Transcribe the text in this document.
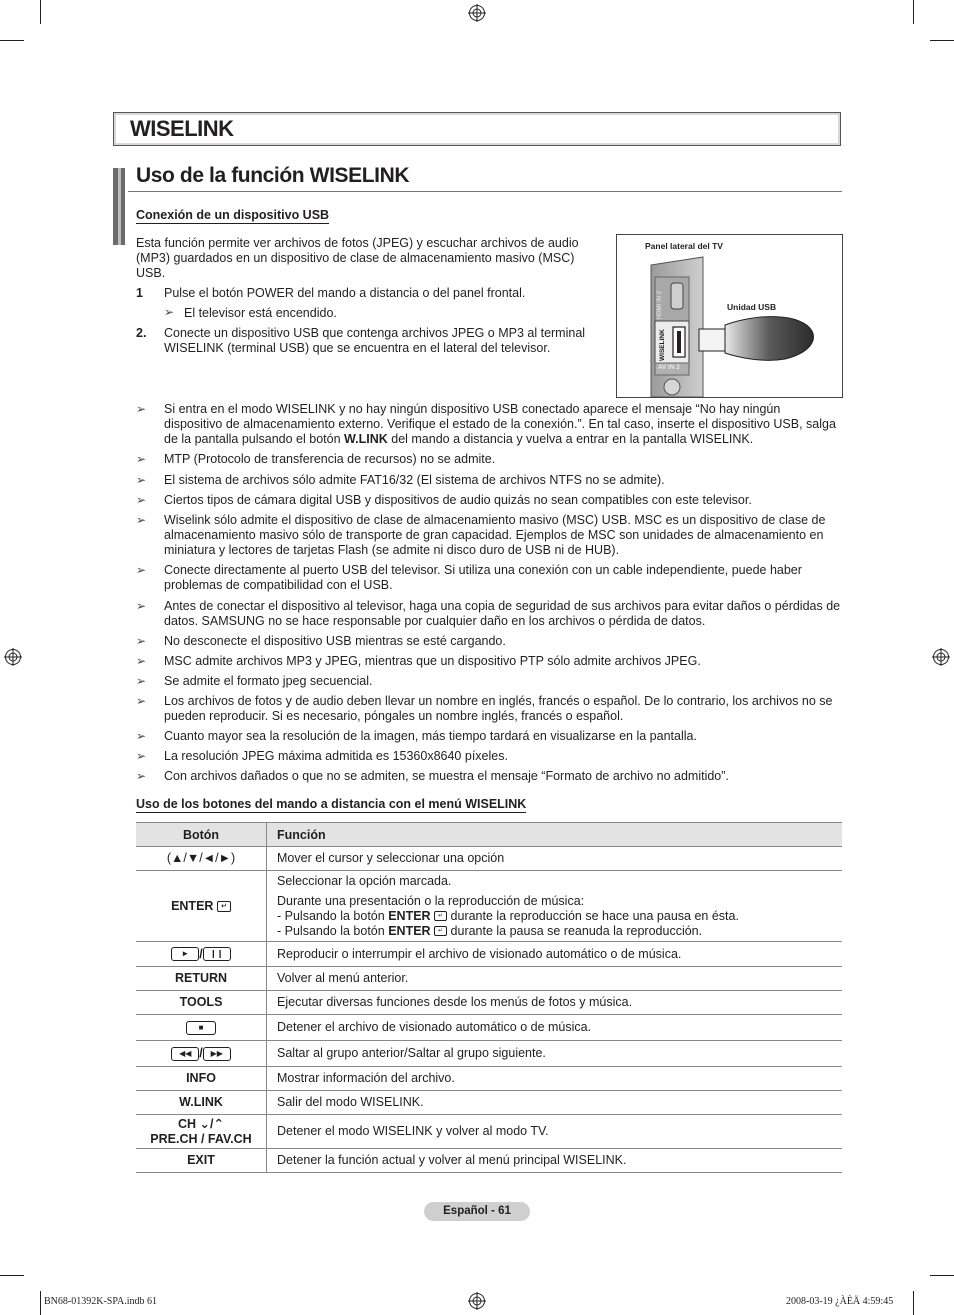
WISELINK
Uso de la función WISELINK
Conexión de un dispositivo USB
Esta función permite ver archivos de fotos (JPEG) y escuchar archivos de audio (MP3) guardados en un dispositivo de clase de almacenamiento masivo (MSC) USB.
1 Pulse el botón POWER del mando a distancia o del panel frontal.
➢ El televisor está encendido.
2. Conecte un dispositivo USB que contenga archivos JPEG o MP3 al terminal WISELINK (terminal USB) que se encuentra en el lateral del televisor.
Panel lateral del TV
Unidad USB
HDMI IN 2
WISELINK
AV IN 2
➢ Si entra en el modo WISELINK y no hay ningún dispositivo USB conectado aparece el mensaje “No hay ningún dispositivo de almacenamiento externo. Verifique el estado de la conexión.”. En tal caso, inserte el dispositivo USB, salga de la pantalla pulsando el botón W.LINK del mando a distancia y vuelva a entrar en la pantalla WISELINK.
➢ MTP (Protocolo de transferencia de recursos) no se admite.
➢ El sistema de archivos sólo admite FAT16/32 (El sistema de archivos NTFS no se admite).
➢ Ciertos tipos de cámara digital USB y dispositivos de audio quizás no sean compatibles con este televisor.
➢ Wiselink sólo admite el dispositivo de clase de almacenamiento masivo (MSC) USB. MSC es un dispositivo de clase de almacenamiento masivo sólo de transporte de gran capacidad. Ejemplos de MSC son unidades de almacenamiento en miniatura y lectores de tarjetas Flash (se admite ni disco duro de USB ni de HUB).
➢ Conecte directamente al puerto USB del televisor. Si utiliza una conexión con un cable independiente, puede haber problemas de compatibilidad con el USB.
➢ Antes de conectar el dispositivo al televisor, haga una copia de seguridad de sus archivos para evitar daños o pérdidas de datos. SAMSUNG no se hace responsable por cualquier daño en los archivos o pérdida de datos.
➢ No desconecte el dispositivo USB mientras se esté cargando.
➢ MSC admite archivos MP3 y JPEG, mientras que un dispositivo PTP sólo admite archivos JPEG.
➢ Se admite el formato jpeg secuencial.
➢ Los archivos de fotos y de audio deben llevar un nombre en inglés, francés o español. De lo contrario, los archivos no se pueden reproducir. Si es necesario, póngales un nombre inglés, francés o español.
➢ Cuanto mayor sea la resolución de la imagen, más tiempo tardará en visualizarse en la pantalla.
➢ La resolución JPEG máxima admitida es 15360x8640 píxeles.
➢ Con archivos dañados o que no se admiten, se muestra el mensaje “Formato de archivo no admitido”.
Uso de los botones del mando a distancia con el menú WISELINK
Botón	Función
(▲/▼/◄/►)	Mover el cursor y seleccionar una opción
ENTER ↵	Seleccionar la opción marcada.
Durante una presentación o la reproducción de música:
- Pulsando la botón ENTER ↵ durante la reproducción se hace una pausa en ésta.
- Pulsando la botón ENTER ↵ durante la pausa se reanuda la reproducción.

► / ❙❙	Reproducir o interrumpir el archivo de visionado automático o de música.
RETURN	Volver al menú anterior.
TOOLS	Ejecutar diversas funciones desde los menús de fotos y música.
■	Detener el archivo de visionado automático o de música.
◀◀ / ▶▶	Saltar al grupo anterior/Saltar al grupo siguiente.
INFO	Mostrar información del archivo.
W.LINK	Salir del modo WISELINK.

CH ⌄/⌃
PRE.CH / FAV.CH	Detener el modo WISELINK y volver al modo TV.
EXIT	Detener la función actual y volver al menú principal WISELINK.
Español - 61
BN68-01392K-SPA.indb 61	2008-03-19 ¿ÀÈÄ 4:59:45
